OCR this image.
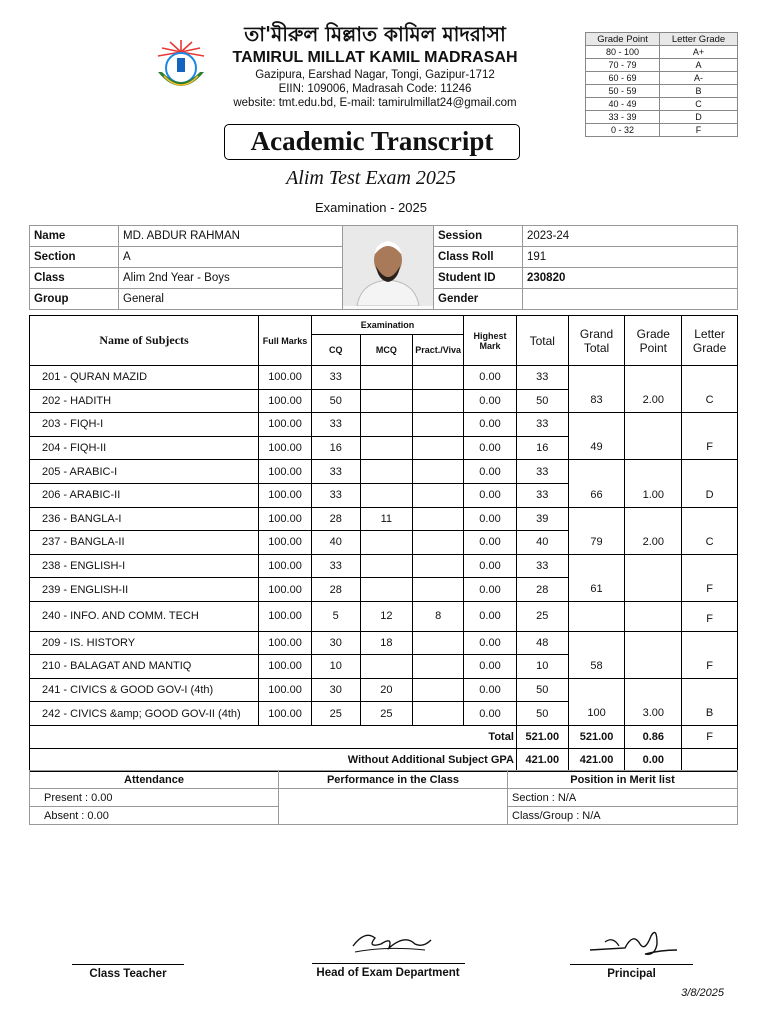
তা'মীরুল মিল্লাত কামিল মাদরাসা
TAMIRUL MILLAT KAMIL MADRASAH
Gazipura, Earshad Nagar, Tongi, Gazipur-1712
EIIN: 109006, Madrasah Code: 11246
website: tmt.edu.bd, E-mail: tamirulmillat24@gmail.com
Academic Transcript
Alim Test Exam 2025
Examination - 2025
Grade Point	Letter Grade
80 - 100	A+
70 - 79	A
60 - 69	A-
50 - 59	B
40 - 49	C
33 - 39	D
0 - 32	F
Name	MD. ABDUR RAHMAN		Session	2023-24
Section	A		Class Roll	191
Class	Alim 2nd Year - Boys		Student ID	230820
Group	General		Gender	
Name of Subjects	Full Marks	Examination			Highest Mark	Total	Grand Total	Grade Point	Letter Grade
		CQ	MCQ	Pract./Viva					
201 - QURAN MAZID	100.00	33			0.00	33	83	2.00	C
202 - HADITH	100.00	50			0.00	50			
203 - FIQH-I	100.00	33			0.00	33	49		F
204 - FIQH-II	100.00	16			0.00	16			
205 - ARABIC-I	100.00	33			0.00	33	66	1.00	D
206 - ARABIC-II	100.00	33			0.00	33			
236 - BANGLA-I	100.00	28	11		0.00	39	79	2.00	C
237 - BANGLA-II	100.00	40			0.00	40			
238 - ENGLISH-I	100.00	33			0.00	33	61		F
239 - ENGLISH-II	100.00	28			0.00	28			
240 - INFO. AND COMM. TECH	100.00	5	12	8	0.00	25			F
209 - IS. HISTORY	100.00	30	18		0.00	48	58		F
210 - BALAGAT AND MANTIQ	100.00	10			0.00	10			
241 - CIVICS & GOOD GOV-I (4th)	100.00	30	20		0.00	50	100	3.00	B
242 - CIVICS &amp; GOOD GOV-II (4th)	100.00	25	25		0.00	50			
Total						521.00	521.00	0.86	F
Without Additional Subject GPA						421.00	421.00	0.00	
Attendance	Performance in the Class	Position in Merit list
Present : 0.00		Section : N/A
Absent : 0.00		Class/Group : N/A
Class Teacher	Head of Exam Department	Principal
3/8/2025
